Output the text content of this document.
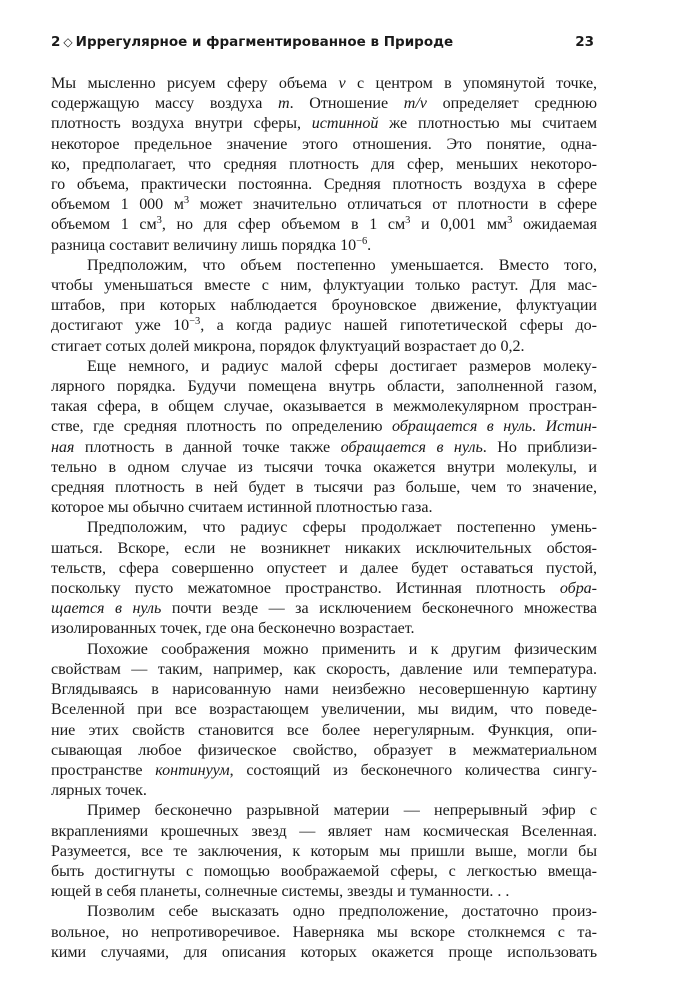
2 ◇ Иррегулярное и фрагментированное в Природе	23

Мы мысленно рисуем сферу объема v с центром в упомянутой точке,
содержащую массу воздуха m. Отношение m/v определяет среднюю
плотность воздуха внутри сферы, истинной же плотностью мы считаем
некоторое предельное значение этого отношения. Это понятие, одна-
ко, предполагает, что средняя плотность для сфер, меньших некоторо-
го объема, практически постоянна. Средняя плотность воздуха в сфере
объемом 1 000 $м^3$ может значительно отличаться от плотности в сфере
объемом 1 $см^3$, но для сфер объемом в 1 $см^3$ и 0,001 $мм^3$ ожидаемая
разница составит величину лишь порядка $10^{-6}$.

Предположим, что объем постепенно уменьшается. Вместо того,
чтобы уменьшаться вместе с ним, флуктуации только растут. Для мас-
штабов, при которых наблюдается броуновское движение, флуктуации
достигают уже $10^{-3}$, а когда радиус нашей гипотетической сферы до-
стигает сотых долей микрона, порядок флуктуаций возрастает до 0,2.

Еще немного, и радиус малой сферы достигает размеров молеку-
лярного порядка. Будучи помещена внутрь области, заполненной газом,
такая сфера, в общем случае, оказывается в межмолекулярном простран-
стве, где средняя плотность по определению обращается в нуль. Истин-
ная плотность в данной точке также обращается в нуль. Но приблизи-
тельно в одном случае из тысячи точка окажется внутри молекулы, и
средняя плотность в ней будет в тысячи раз больше, чем то значение,
которое мы обычно считаем истинной плотностью газа.

Предположим, что радиус сферы продолжает постепенно умень-
шаться. Вскоре, если не возникнет никаких исключительных обстоя-
тельств, сфера совершенно опустеет и далее будет оставаться пустой,
поскольку пусто межатомное пространство. Истинная плотность обра-
щается в нуль почти везде — за исключением бесконечного множества
изолированных точек, где она бесконечно возрастает.

Похожие соображения можно применить и к другим физическим
свойствам — таким, например, как скорость, давление или температура.
Вглядываясь в нарисованную нами неизбежно несовершенную картину
Вселенной при все возрастающем увеличении, мы видим, что поведе-
ние этих свойств становится все более нерегулярным. Функция, опи-
сывающая любое физическое свойство, образует в межматериальном
пространстве континуум, состоящий из бесконечного количества сингу-
лярных точек.

Пример бесконечно разрывной материи — непрерывный эфир с
вкраплениями крошечных звезд — являет нам космическая Вселенная.
Разумеется, все те заключения, к которым мы пришли выше, могли бы
быть достигнуты с помощью воображаемой сферы, с легкостью вмеща-
ющей в себя планеты, солнечные системы, звезды и туманности. . .

Позволим себе высказать одно предположение, достаточно произ-
вольное, но непротиворечивое. Наверняка мы вскоре столкнемся с та-
кими случаями, для описания которых окажется проще использовать
